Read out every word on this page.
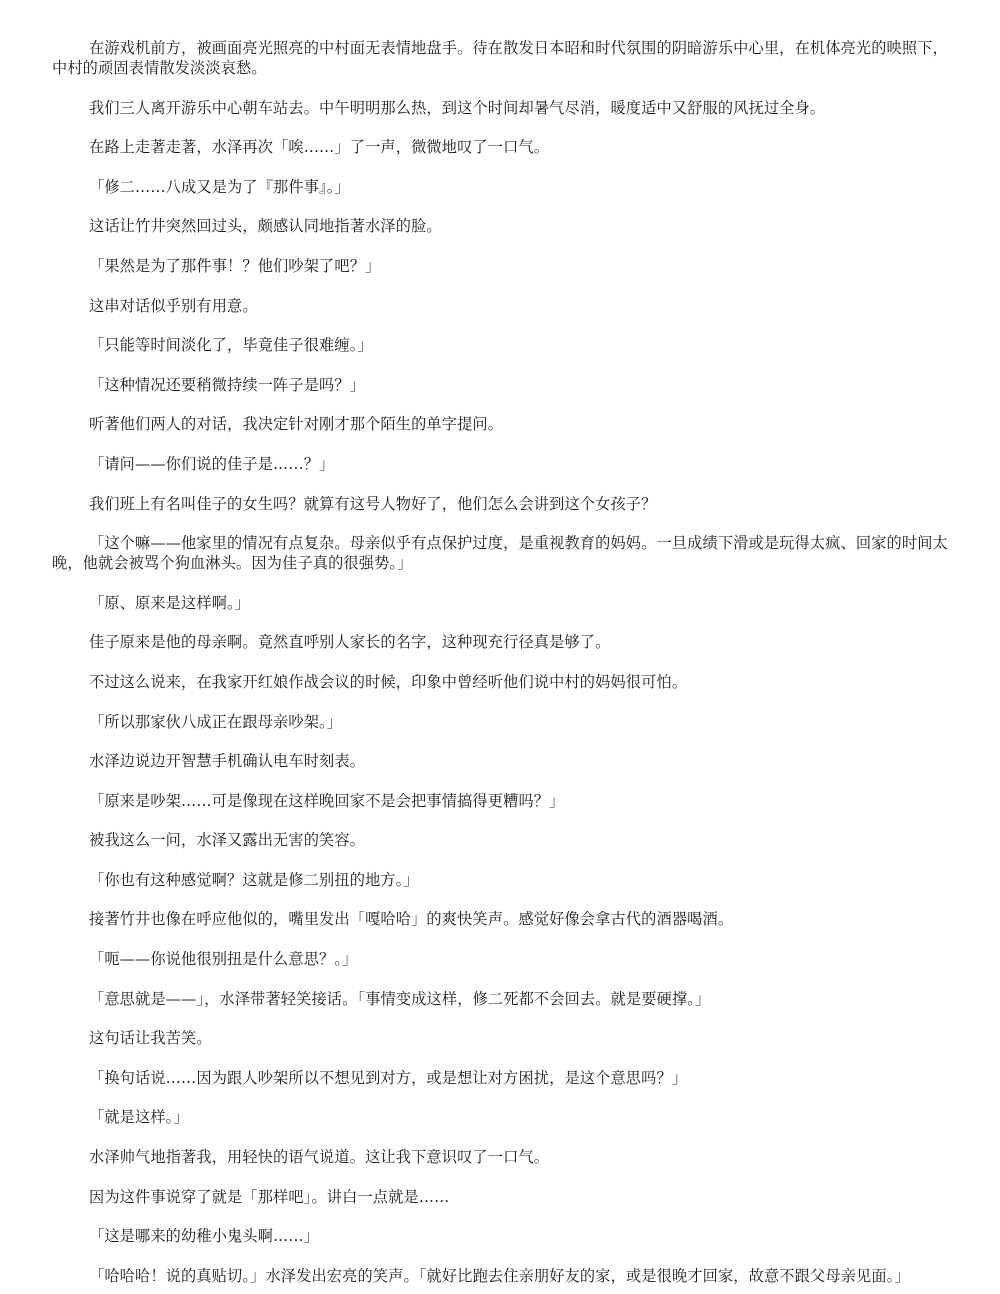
在游戏机前方，被画面亮光照亮的中村面无表情地盘手。待在散发日本昭和时代氛围的阴暗游乐中心里，在机体亮光的映照下，中村的顽固表情散发淡淡哀愁。

我们三人离开游乐中心朝车站去。中午明明那么热，到这个时间却暑气尽消，暖度适中又舒服的风抚过全身。

在路上走著走著，水泽再次「唉……」了一声，微微地叹了一口气。

「修二……八成又是为了『那件事』。」

这话让竹井突然回过头，颇感认同地指著水泽的脸。

「果然是为了那件事！？他们吵架了吧？」

这串对话似乎别有用意。

「只能等时间淡化了，毕竟佳子很难缠。」

「这种情况还要稍微持续一阵子是吗？」

听著他们两人的对话，我决定针对刚才那个陌生的单字提问。

「请问——你们说的佳子是……？」

我们班上有名叫佳子的女生吗？就算有这号人物好了，他们怎么会讲到这个女孩子？

「这个嘛——他家里的情况有点复杂。母亲似乎有点保护过度，是重视教育的妈妈。一旦成绩下滑或是玩得太疯、回家的时间太晚，他就会被骂个狗血淋头。因为佳子真的很强势。」

「原、原来是这样啊。」

佳子原来是他的母亲啊。竟然直呼别人家长的名字，这种现充行径真是够了。

不过这么说来，在我家开红娘作战会议的时候，印象中曾经听他们说中村的妈妈很可怕。

「所以那家伙八成正在跟母亲吵架。」

水泽边说边开智慧手机确认电车时刻表。

「原来是吵架……可是像现在这样晚回家不是会把事情搞得更糟吗？」

被我这么一问，水泽又露出无害的笑容。

「你也有这种感觉啊？这就是修二别扭的地方。」

接著竹井也像在呼应他似的，嘴里发出「嘎哈哈」的爽快笑声。感觉好像会拿古代的酒器喝酒。

「呃——你说他很别扭是什么意思？。」

「意思就是——」，水泽带著轻笑接话。「事情变成这样，修二死都不会回去。就是要硬撑。」

这句话让我苦笑。

「换句话说……因为跟人吵架所以不想见到对方，或是想让对方困扰，是这个意思吗？」

「就是这样。」

水泽帅气地指著我，用轻快的语气说道。这让我下意识叹了一口气。

因为这件事说穿了就是「那样吧」。讲白一点就是……

「这是哪来的幼稚小鬼头啊……」

「哈哈哈！说的真贴切。」水泽发出宏亮的笑声。「就好比跑去住亲朋好友的家，或是很晚才回家，故意不跟父母亲见面。」
